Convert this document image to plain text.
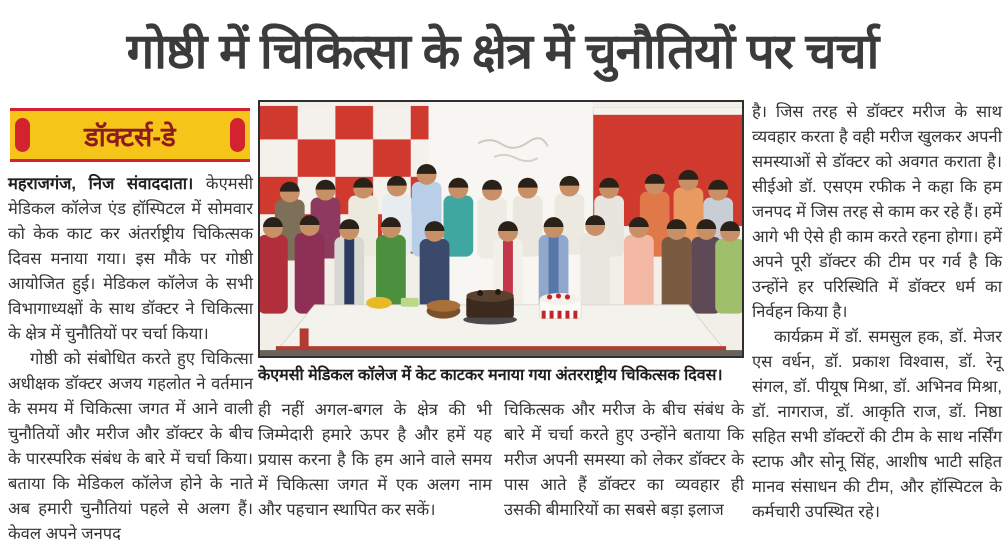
गोष्ठी में चिकित्सा के क्षेत्र में चुनौतियों पर चर्चा
डॉक्टर्स-डे

महराजगंज, निज संवाददाता। केएमसी मेडिकल कॉलेज एंड हॉस्पिटल में सोमवार को केक काट कर अंतर्राष्ट्रीय चिकित्सक दिवस मनाया गया। इस मौके पर गोष्ठी आयोजित हुई। मेडिकल कॉलेज के सभी विभागाध्यक्षों के साथ डॉक्टर ने चिकित्सा के क्षेत्र में चुनौतियों पर चर्चा किया।

गोष्ठी को संबोधित करते हुए चिकित्सा अधीक्षक डॉक्टर अजय गहलोत ने वर्तमान के समय में चिकित्सा जगत में आने वाली चुनौतियों और मरीज और डॉक्टर के बीच के पारस्परिक संबंध के बारे में चर्चा किया। बताया कि मेडिकल कॉलेज होने के नाते अब हमारी चुनौतियां पहले से अलग हैं। केवल अपने जनपद

केएमसी मेडिकल कॉलेज में केट काटकर मनाया गया अंतरराष्ट्रीय चिकित्सक दिवस।

ही नहीं अगल-बगल के क्षेत्र की भी जिम्मेदारी हमारे ऊपर है और हमें यह प्रयास करना है कि हम आने वाले समय में चिकित्सा जगत में एक अलग नाम और पहचान स्थापित कर सकें।

चिकित्सक और मरीज के बीच संबंध के बारे में चर्चा करते हुए उन्होंने बताया कि मरीज अपनी समस्या को लेकर डॉक्टर के पास आते हैं डॉक्टर का व्यवहार ही उसकी बीमारियों का सबसे बड़ा इलाज

है। जिस तरह से डॉक्टर मरीज के साथ व्यवहार करता है वही मरीज खुलकर अपनी समस्याओं से डॉक्टर को अवगत कराता है। सीईओ डॉ. एसएम रफीक ने कहा कि हम जनपद में जिस तरह से काम कर रहे हैं। हमें आगे भी ऐसे ही काम करते रहना होगा। हमें अपने पूरी डॉक्टर की टीम पर गर्व है कि उन्होंने हर परिस्थिति में डॉक्टर धर्म का निर्वहन किया है।

कार्यक्रम में डॉ. समसुल हक, डॉ. मेजर एस वर्धन, डॉ. प्रकाश विश्वास, डॉ. रेनू संगल, डॉ. पीयूष मिश्रा, डॉ. अभिनव मिश्रा, डॉ. नागराज, डॉ. आकृति राज, डॉ. निष्ठा सहित सभी डॉक्टरों की टीम के साथ नर्सिंग स्टाफ और सोनू सिंह, आशीष भाटी सहित मानव संसाधन की टीम, और हॉस्पिटल के कर्मचारी उपस्थित रहे।
